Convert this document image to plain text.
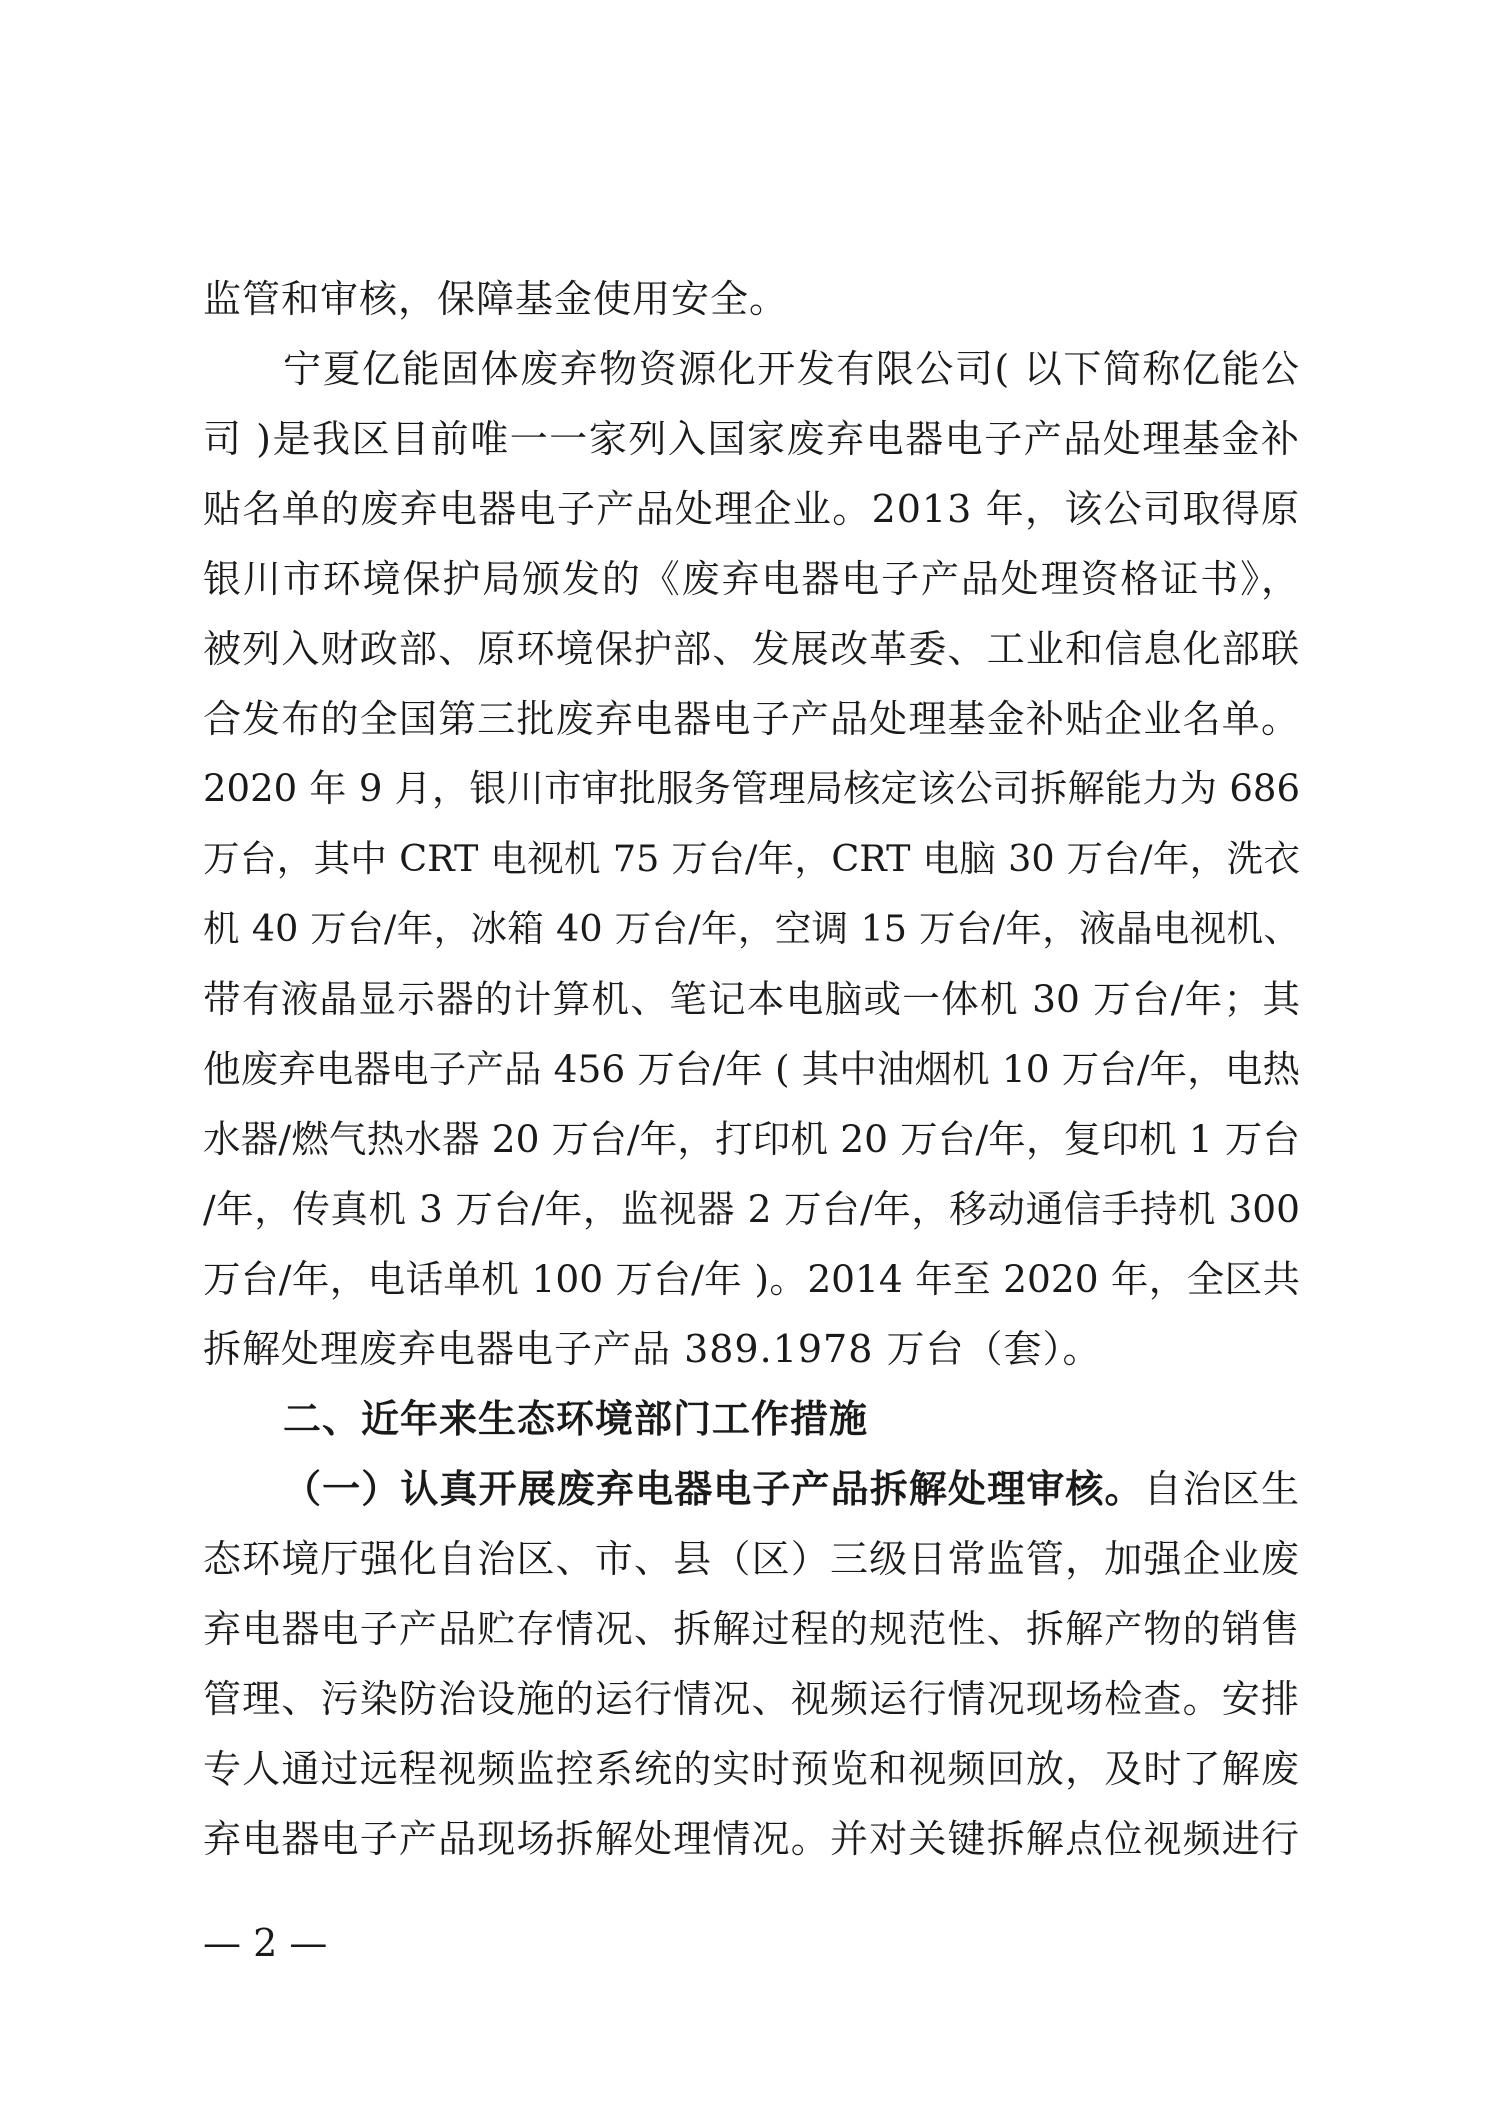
监管和审核，保障基金使用安全。
宁夏亿能固体废弃物资源化开发有限公司( 以下简称亿能公
司 )是我区目前唯一一家列入国家废弃电器电子产品处理基金补
贴名单的废弃电器电子产品处理企业。2013 年，该公司取得原
银川市环境保护局颁发的《废弃电器电子产品处理资格证书》，
被列入财政部、原环境保护部、发展改革委、工业和信息化部联
合发布的全国第三批废弃电器电子产品处理基金补贴企业名单。
2020 年 9 月，银川市审批服务管理局核定该公司拆解能力为 686
万台，其中 CRT 电视机 75 万台/年，CRT 电脑 30 万台/年，洗衣
机 40 万台/年，冰箱 40 万台/年，空调 15 万台/年，液晶电视机、
带有液晶显示器的计算机、笔记本电脑或一体机 30 万台/年；其
他废弃电器电子产品 456 万台/年 ( 其中油烟机 10 万台/年，电热
水器/燃气热水器 20 万台/年，打印机 20 万台/年，复印机 1 万台
/年，传真机 3 万台/年，监视器 2 万台/年，移动通信手持机 300
万台/年，电话单机 100 万台/年 )。2014 年至 2020 年，全区共
拆解处理废弃电器电子产品 389.1978 万台（套）。
二、近年来生态环境部门工作措施
（一）认真开展废弃电器电子产品拆解处理审核。自治区生
态环境厅强化自治区、市、县（区）三级日常监管，加强企业废
弃电器电子产品贮存情况、拆解过程的规范性、拆解产物的销售
管理、污染防治设施的运行情况、视频运行情况现场检查。安排
专人通过远程视频监控系统的实时预览和视频回放，及时了解废
弃电器电子产品现场拆解处理情况。并对关键拆解点位视频进行
— 2 —
